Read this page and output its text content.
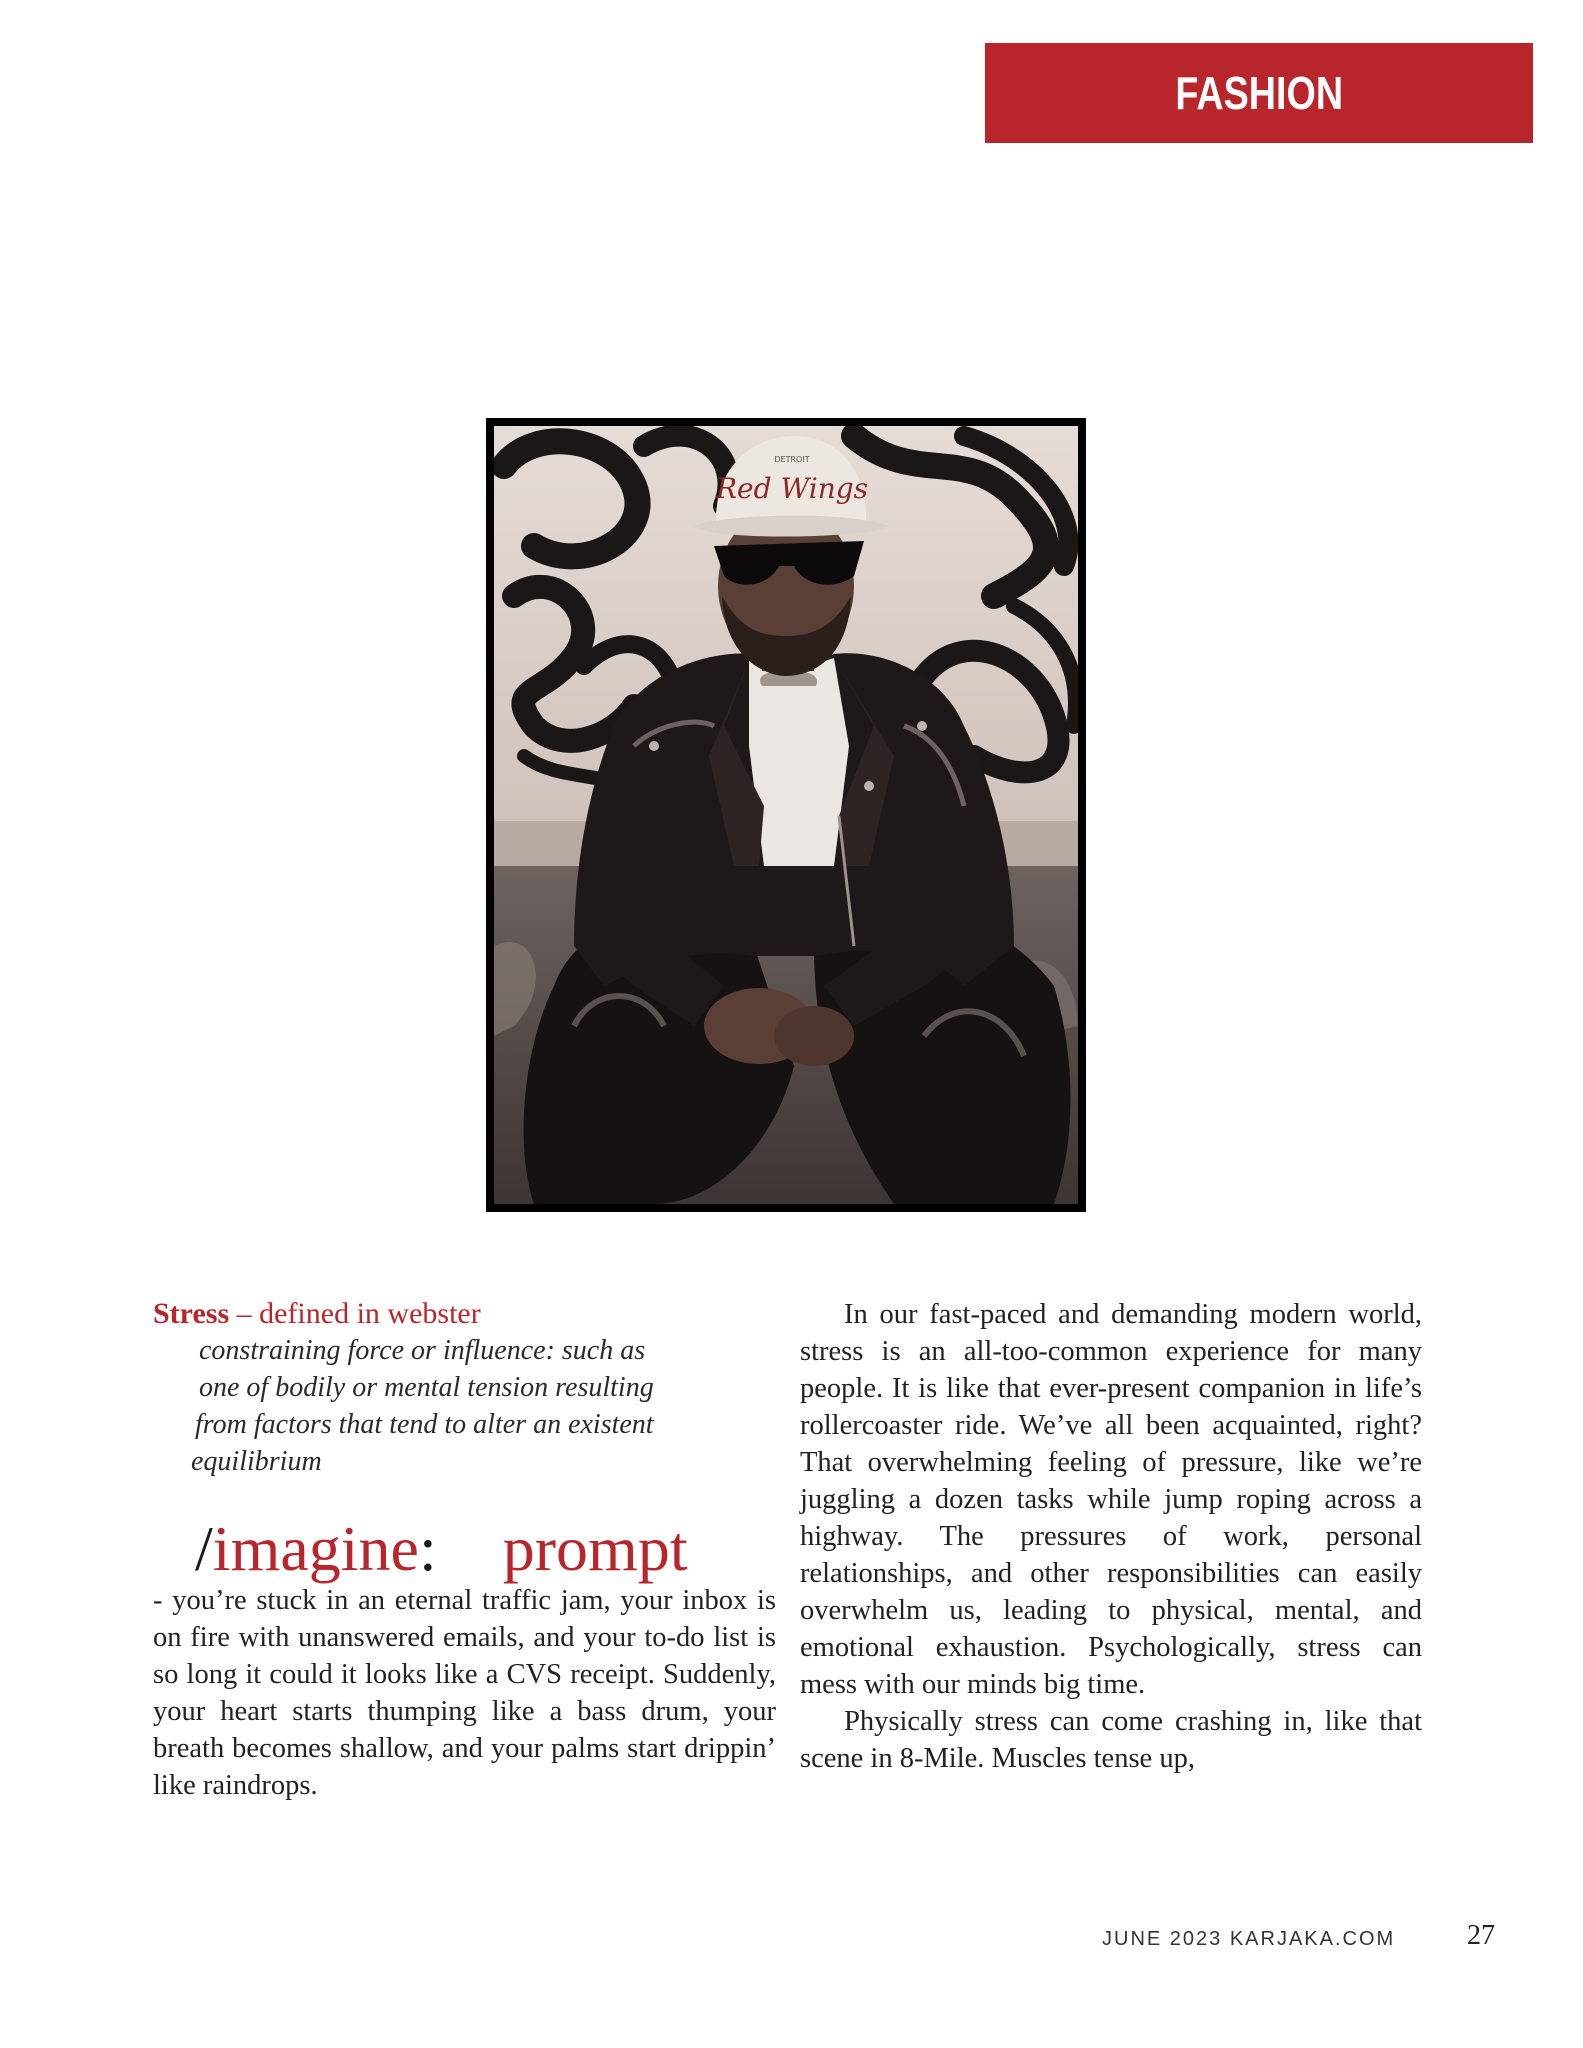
FASHION
Red Wings
DETROIT
Stress – defined in webster
constraining force or influence: such as
one of bodily or mental tension resulting
from factors that tend to alter an existent
equilibrium
/imagine: prompt

- you’re stuck in an eternal traffic jam, your inbox is on fire with unanswered emails, and your to-do list is so long it could it looks like a CVS receipt. Suddenly, your heart starts thumping like a bass drum, your breath becomes shallow, and your palms start drippin’ like raindrops.

In our fast-paced and demanding modern world, stress is an all-too-common experience for many people. It is like that ever-present companion in life’s rollercoaster ride. We’ve all been acquainted, right? That overwhelming feeling of pressure, like we’re juggling a dozen tasks while jump roping across a highway. The pressures of work, personal relationships, and other responsibilities can easily overwhelm us, leading to physical, mental, and emotional exhaustion. Psychologically, stress can mess with our minds big time.

Physically stress can come crashing in, like that scene in 8-Mile. Muscles tense up,

JUNE 2023 KARJAKA.COM	27
